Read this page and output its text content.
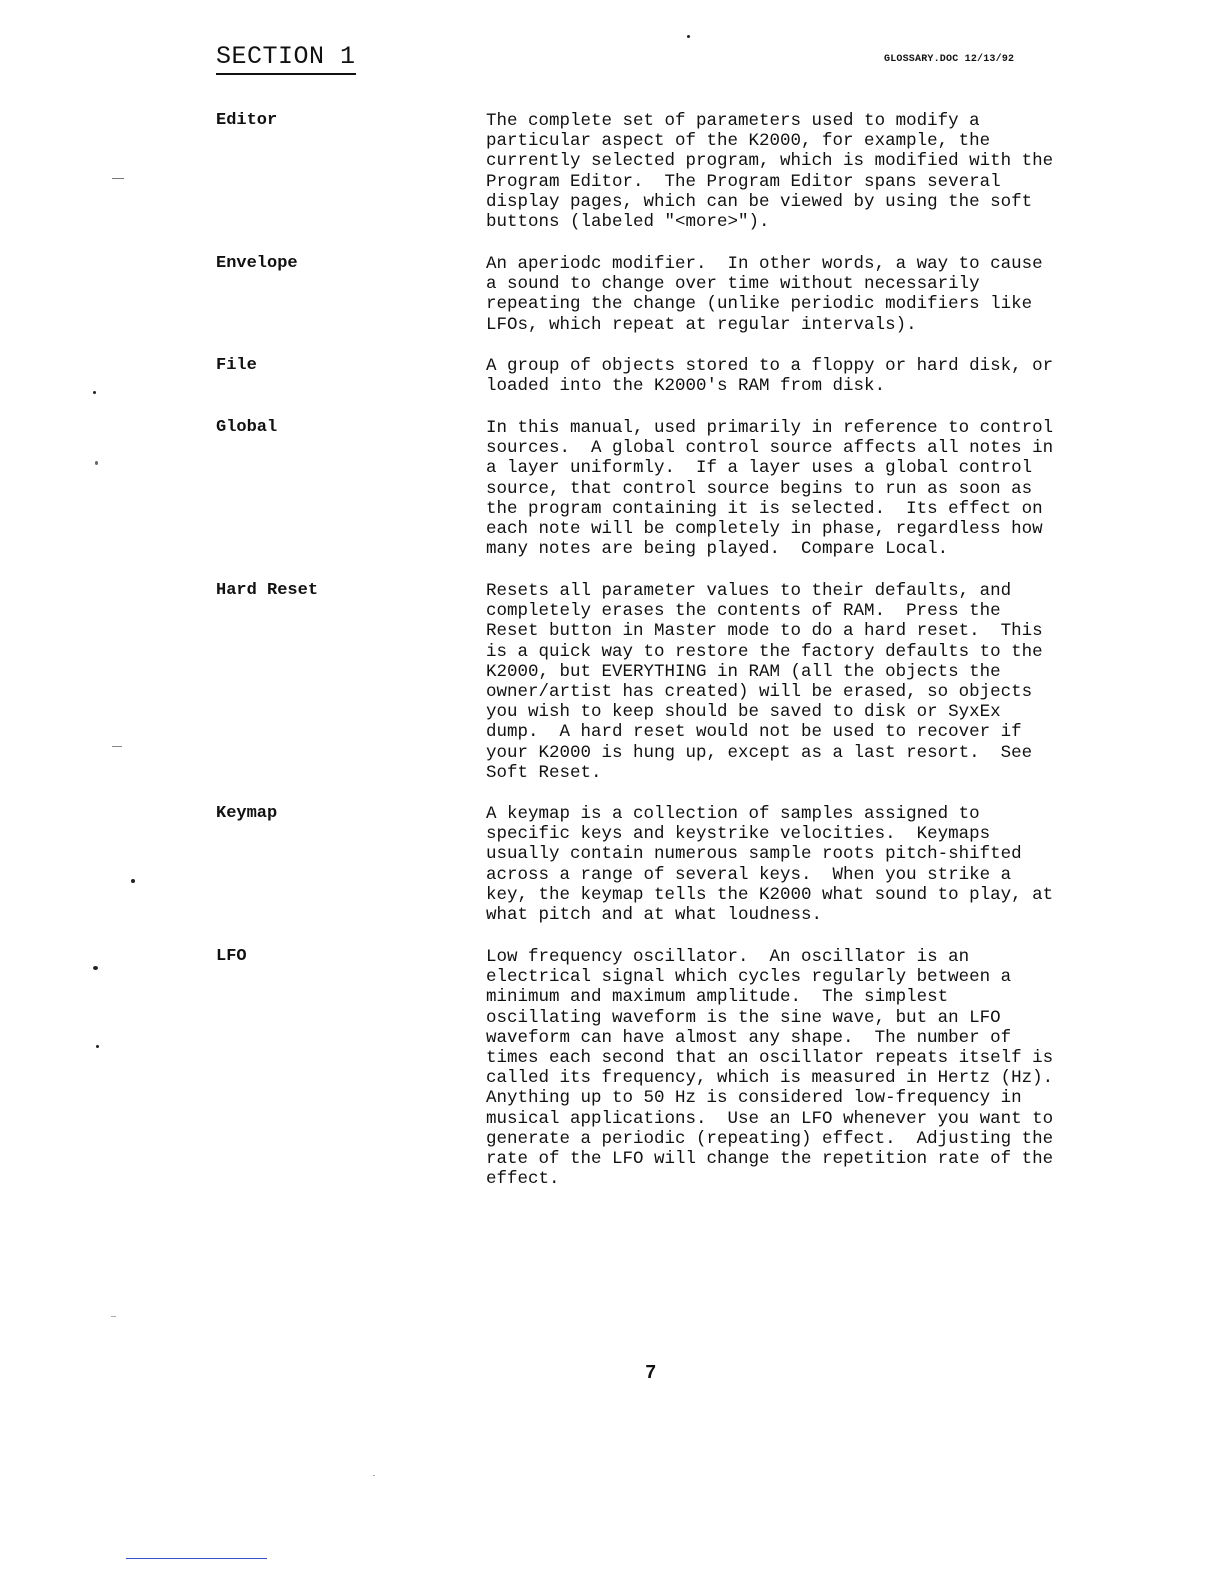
SECTION 1	GLOSSARY.DOC 12/13/92
Editor	The complete set of parameters used to modify a
particular aspect of the K2000, for example, the
currently selected program, which is modified with the
Program Editor.  The Program Editor spans several
display pages, which can be viewed by using the soft
buttons (labeled "<more>").
Envelope	An aperiodc modifier.  In other words, a way to cause
a sound to change over time without necessarily
repeating the change (unlike periodic modifiers like
LFOs, which repeat at regular intervals).
File	A group of objects stored to a floppy or hard disk, or
loaded into the K2000's RAM from disk.
Global	In this manual, used primarily in reference to control
sources.  A global control source affects all notes in
a layer uniformly.  If a layer uses a global control
source, that control source begins to run as soon as
the program containing it is selected.  Its effect on
each note will be completely in phase, regardless how
many notes are being played.  Compare Local.
Hard Reset	Resets all parameter values to their defaults, and
completely erases the contents of RAM.  Press the
Reset button in Master mode to do a hard reset.  This
is a quick way to restore the factory defaults to the
K2000, but EVERYTHING in RAM (all the objects the
owner/artist has created) will be erased, so objects
you wish to keep should be saved to disk or SyxEx
dump.  A hard reset would not be used to recover if
your K2000 is hung up, except as a last resort.  See
Soft Reset.
Keymap	A keymap is a collection of samples assigned to
specific keys and keystrike velocities.  Keymaps
usually contain numerous sample roots pitch-shifted
across a range of several keys.  When you strike a
key, the keymap tells the K2000 what sound to play, at
what pitch and at what loudness.
LFO	Low frequency oscillator.  An oscillator is an
electrical signal which cycles regularly between a
minimum and maximum amplitude.  The simplest
oscillating waveform is the sine wave, but an LFO
waveform can have almost any shape.  The number of
times each second that an oscillator repeats itself is
called its frequency, which is measured in Hertz (Hz).
Anything up to 50 Hz is considered low-frequency in
musical applications.  Use an LFO whenever you want to
generate a periodic (repeating) effect.  Adjusting the
rate of the LFO will change the repetition rate of the
effect.
7
